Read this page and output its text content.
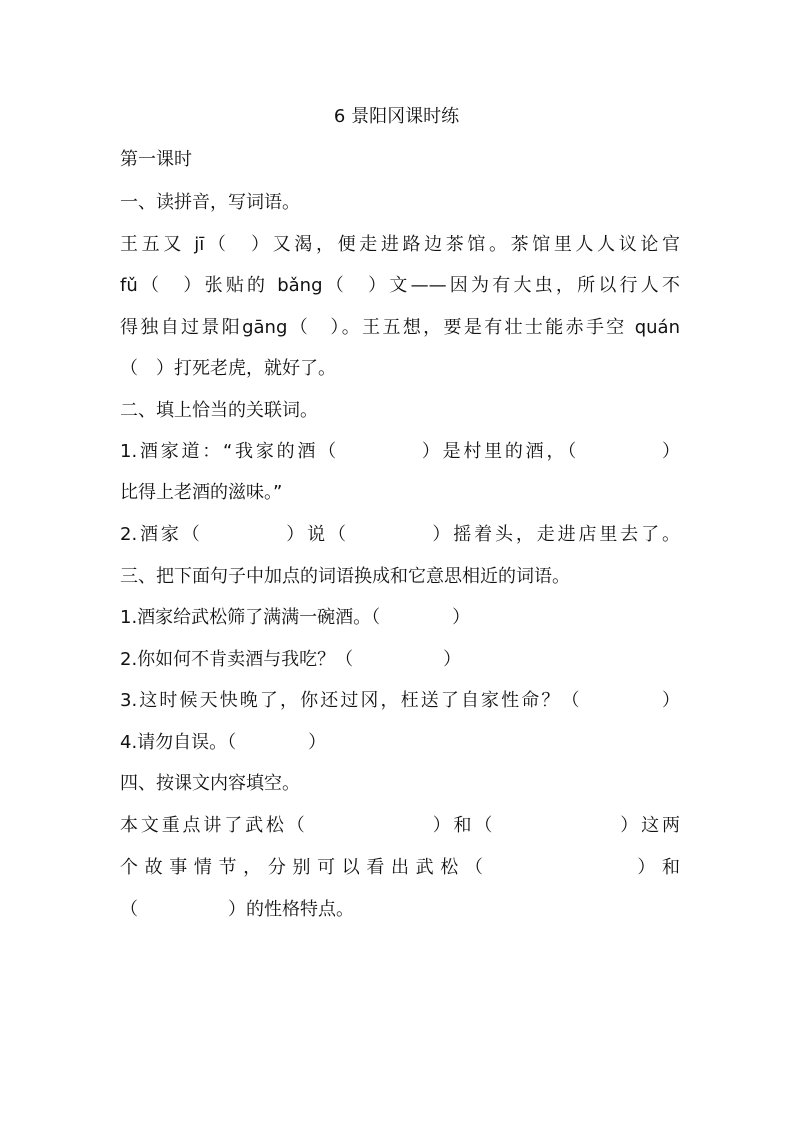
6 景阳冈课时练
第一课时
一、读拼音，写词语。
王五又 jī（　）又渴，便走进路边茶馆。茶馆里人人议论官
fǔ（　）张贴的 bǎng（　）文——因为有大虫，所以行人不
得独自过景阳gāng（　）。王五想，要是有壮士能赤手空 quán
（　）打死老虎，就好了。
二、填上恰当的关联词。
1.酒家道：“我家的酒（　　　　）是村里的酒，（　　　　）
比得上老酒的滋味。”
2.酒家（　　　　）说（　　　　）摇着头，走进店里去了。
三、把下面句子中加点的词语换成和它意思相近的词语。
1.酒家给武松筛了满满一碗酒。（　　　　）
2.你如何不肯卖酒与我吃？（　　　　　）
3.这时候天快晚了，你还过冈，枉送了自家性命？（　　　　）
4.请勿自误。（　　　　）
四、按课文内容填空。
本文重点讲了武松（　　　　　　）和（　　　　　　）这两
个故事情节，分别可以看出武松（　　　　　　）和
（　　　　　）的性格特点。
